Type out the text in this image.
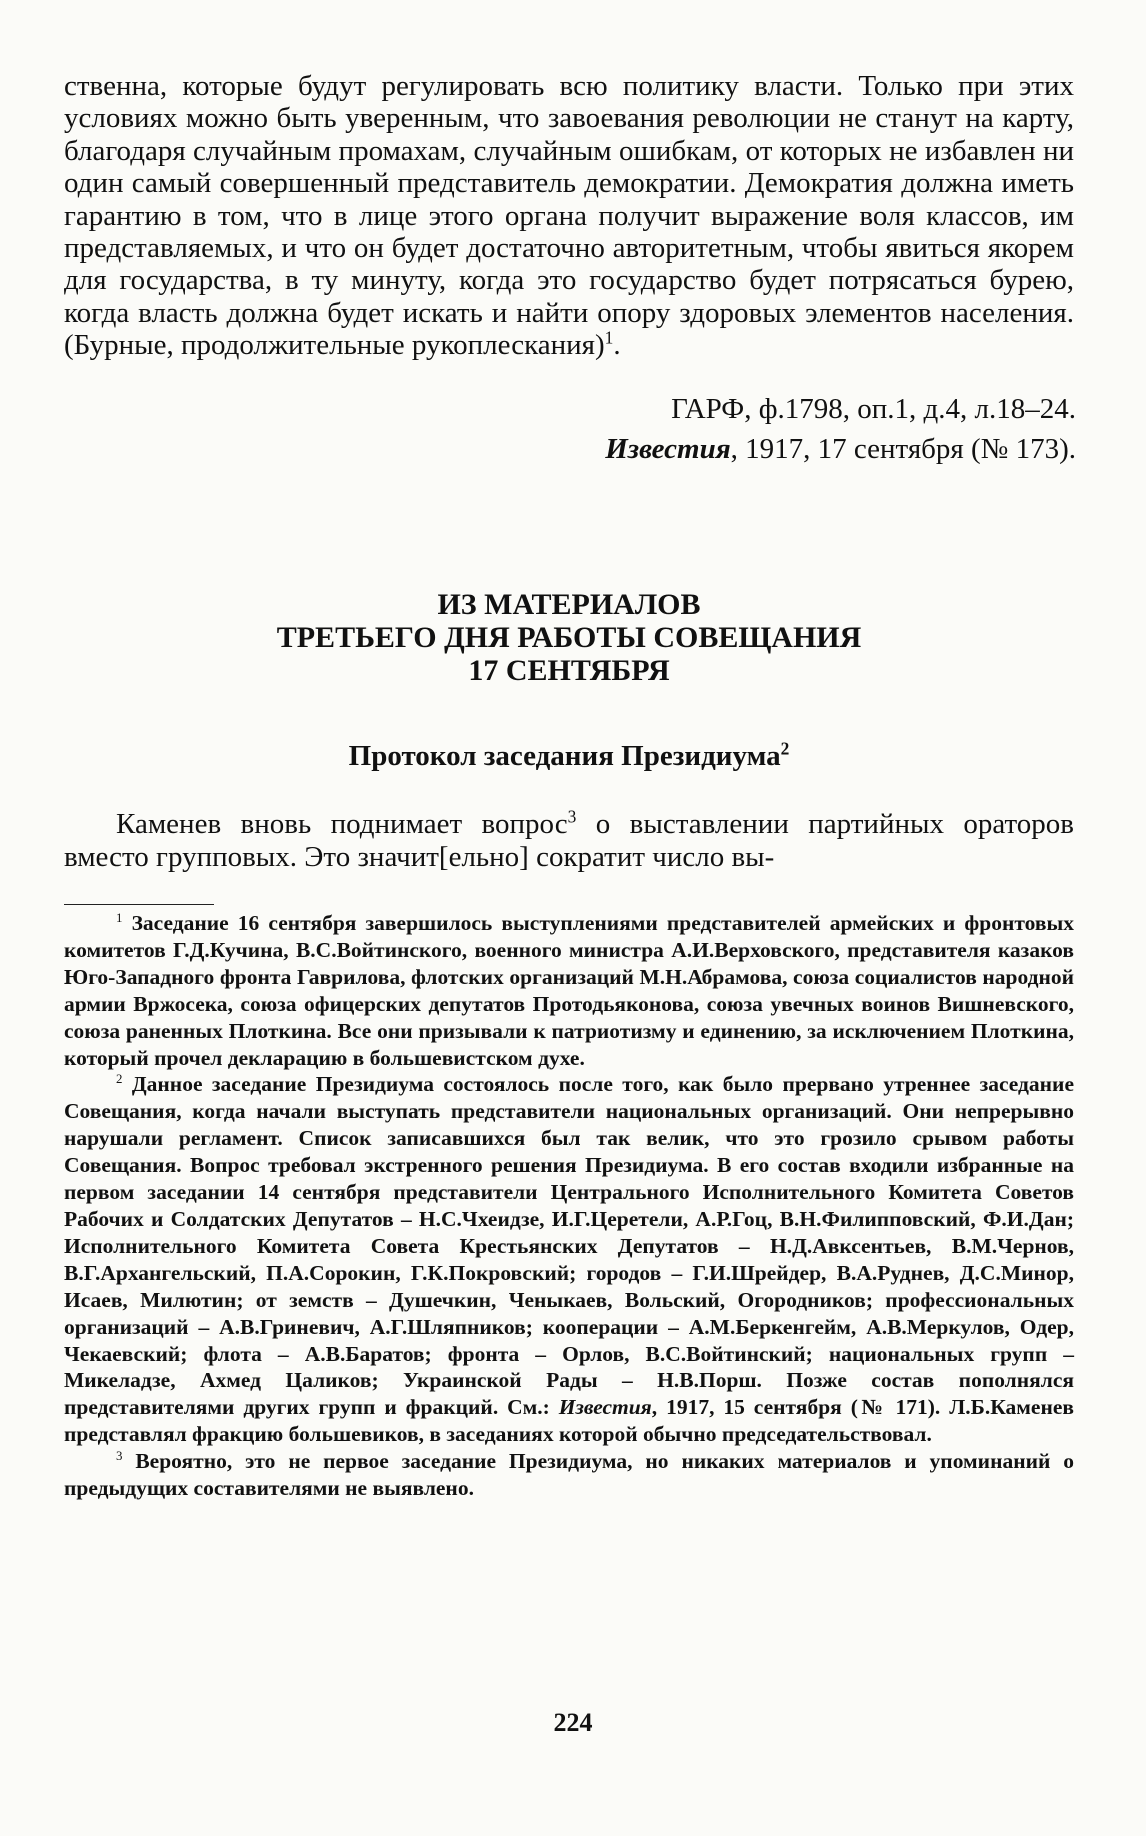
ственна, которые будут регулировать всю политику власти. Только при этих условиях можно быть уверенным, что завоевания революции не станут на карту, благодаря случайным промахам, случайным ошибкам, от которых не избавлен ни один самый совершенный представитель демократии. Демократия должна иметь гарантию в том, что в лице этого органа получит выражение воля классов, им представляемых, и что он будет достаточно авторитетным, чтобы явиться якорем для государства, в ту минуту, когда это государство будет потрясаться бурею, когда власть должна будет искать и найти опору здоровых элементов населения. (Бурные, продолжительные рукоплескания)$^1$.

ГАРФ, ф.1798, оп.1, д.4, л.18–24.
Известия, 1917, 17 сентября (№ 173).
ИЗ МАТЕРИАЛОВ
ТРЕТЬЕГО ДНЯ РАБОТЫ СОВЕЩАНИЯ
17 СЕНТЯБРЯ
Протокол заседания Президиума$^2$
Каменев вновь поднимает вопрос$^3$ о выставлении партийных ораторов вместо групповых. Это значит[ельно] сократит число вы-

$^1$ Заседание 16 сентября завершилось выступлениями представителей армейских и фронтовых комитетов Г.Д.Кучина, В.С.Войтинского, военного министра А.И.Верховского, представителя казаков Юго-Западного фронта Гаврилова, флотских организаций М.Н.Абрамова, союза социалистов народной армии Вржосека, союза офицерских депутатов Протодьяконова, союза увечных воинов Вишневского, союза раненных Плоткина. Все они призывали к патриотизму и единению, за исключением Плоткина, который прочел декларацию в большевистском духе.

$^2$ Данное заседание Президиума состоялось после того, как было прервано утреннее заседание Совещания, когда начали выступать представители национальных организаций. Они непрерывно нарушали регламент. Список записавшихся был так велик, что это грозило срывом работы Совещания. Вопрос требовал экстренного решения Президиума. В его состав входили избранные на первом заседании 14 сентября представители Центрального Исполнительного Комитета Советов Рабочих и Солдатских Депутатов – Н.С.Чхеидзе, И.Г.Церетели, А.Р.Гоц, В.Н.Филипповский, Ф.И.Дан; Исполнительного Комитета Совета Крестьянских Депутатов – Н.Д.Авксентьев, В.М.Чернов, В.Г.Архангельский, П.А.Сорокин, Г.К.Покровский; городов – Г.И.Шрейдер, В.А.Руднев, Д.С.Минор, Исаев, Милютин; от земств – Душечкин, Ченыкаев, Вольский, Огородников; профессиональных организаций – А.В.Гриневич, А.Г.Шляпников; кооперации – А.М.Беркенгейм, А.В.Меркулов, Одер, Чекаевский; флота – А.В.Баратов; фронта – Орлов, В.С.Войтинский; национальных групп – Микеладзе, Ахмед Цаликов; Украинской Рады – Н.В.Порш. Позже состав пополнялся представителями других групп и фракций. См.: Известия, 1917, 15 сентября (№ 171). Л.Б.Каменев представлял фракцию большевиков, в заседаниях которой обычно председательствовал.

$^3$ Вероятно, это не первое заседание Президиума, но никаких материалов и упоминаний о предыдущих составителями не выявлено.

224
